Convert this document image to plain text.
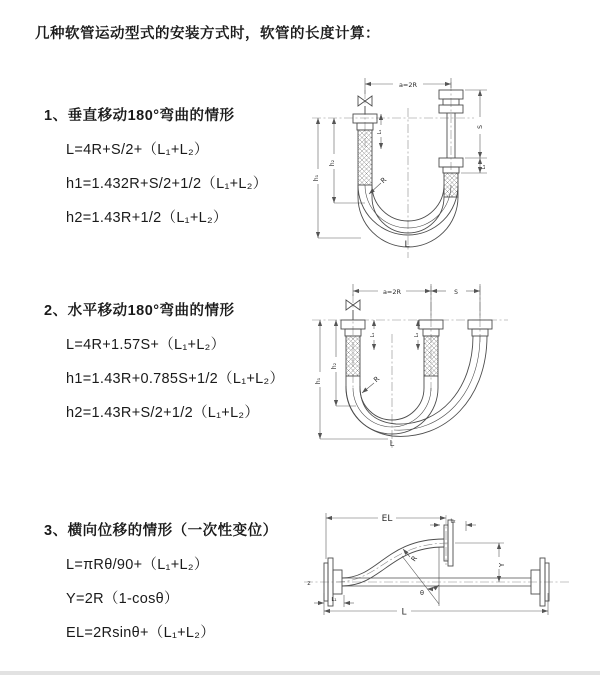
几种软管运动型式的安装方式时，软管的长度计算：
1、垂直移动180°弯曲的情形
L=4R+S/2+（L₁+L₂）
h1=1.432R+S/2+1/2（L₁+L₂）
h2=1.43R+1/2（L₁+L₂）
2、水平移动180°弯曲的情形
L=4R+1.57S+（L₁+L₂）
h1=1.43R+0.785S+1/2（L₁+L₂）
h2=1.43R+S/2+1/2（L₁+L₂）
3、横向位移的情形（一次性变位）
L=πRθ/90+（L₁+L₂）
Y=2R（1-cosθ）
EL=2Rsinθ+（L₁+L₂）
a=2R
S
L₂
h₂
h₁
L₁
R
L
a=2R	S
h₂
h₁
L₁	L₂
R
L
EL	L₂
Y
R
θ
L₁
L
z
